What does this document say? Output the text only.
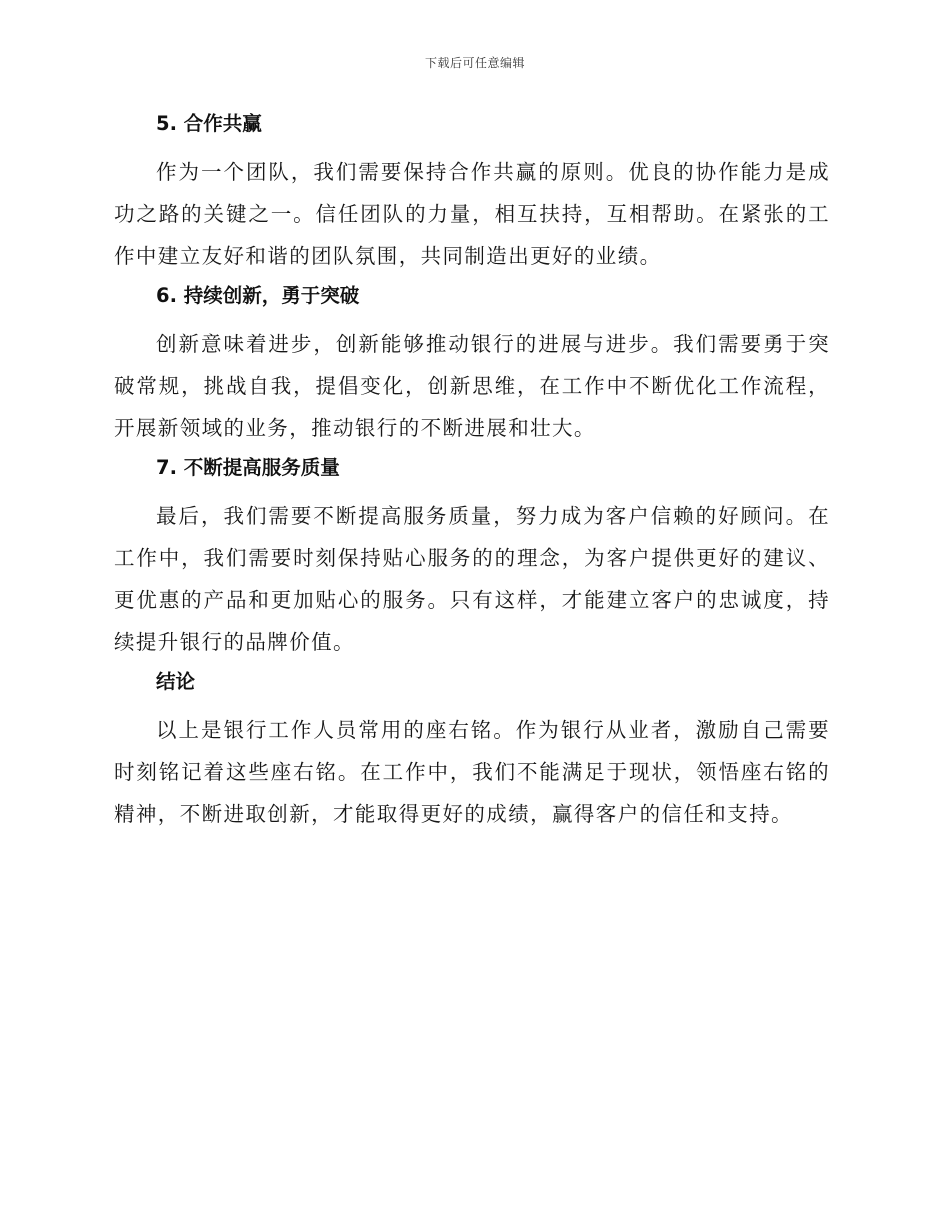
下载后可任意编辑
5. 合作共赢

作为一个团队，我们需要保持合作共赢的原则。优良的协作能力是成功之路的关键之一。信任团队的力量，相互扶持，互相帮助。在紧张的工作中建立友好和谐的团队氛围，共同制造出更好的业绩。

6. 持续创新，勇于突破

创新意味着进步，创新能够推动银行的进展与进步。我们需要勇于突破常规，挑战自我，提倡变化，创新思维，在工作中不断优化工作流程，开展新领域的业务，推动银行的不断进展和壮大。

7. 不断提高服务质量

最后，我们需要不断提高服务质量，努力成为客户信赖的好顾问。在工作中，我们需要时刻保持贴心服务的的理念，为客户提供更好的建议、更优惠的产品和更加贴心的服务。只有这样，才能建立客户的忠诚度，持续提升银行的品牌价值。

结论

以上是银行工作人员常用的座右铭。作为银行从业者，激励自己需要时刻铭记着这些座右铭。在工作中，我们不能满足于现状，领悟座右铭的精神，不断进取创新，才能取得更好的成绩，赢得客户的信任和支持。
